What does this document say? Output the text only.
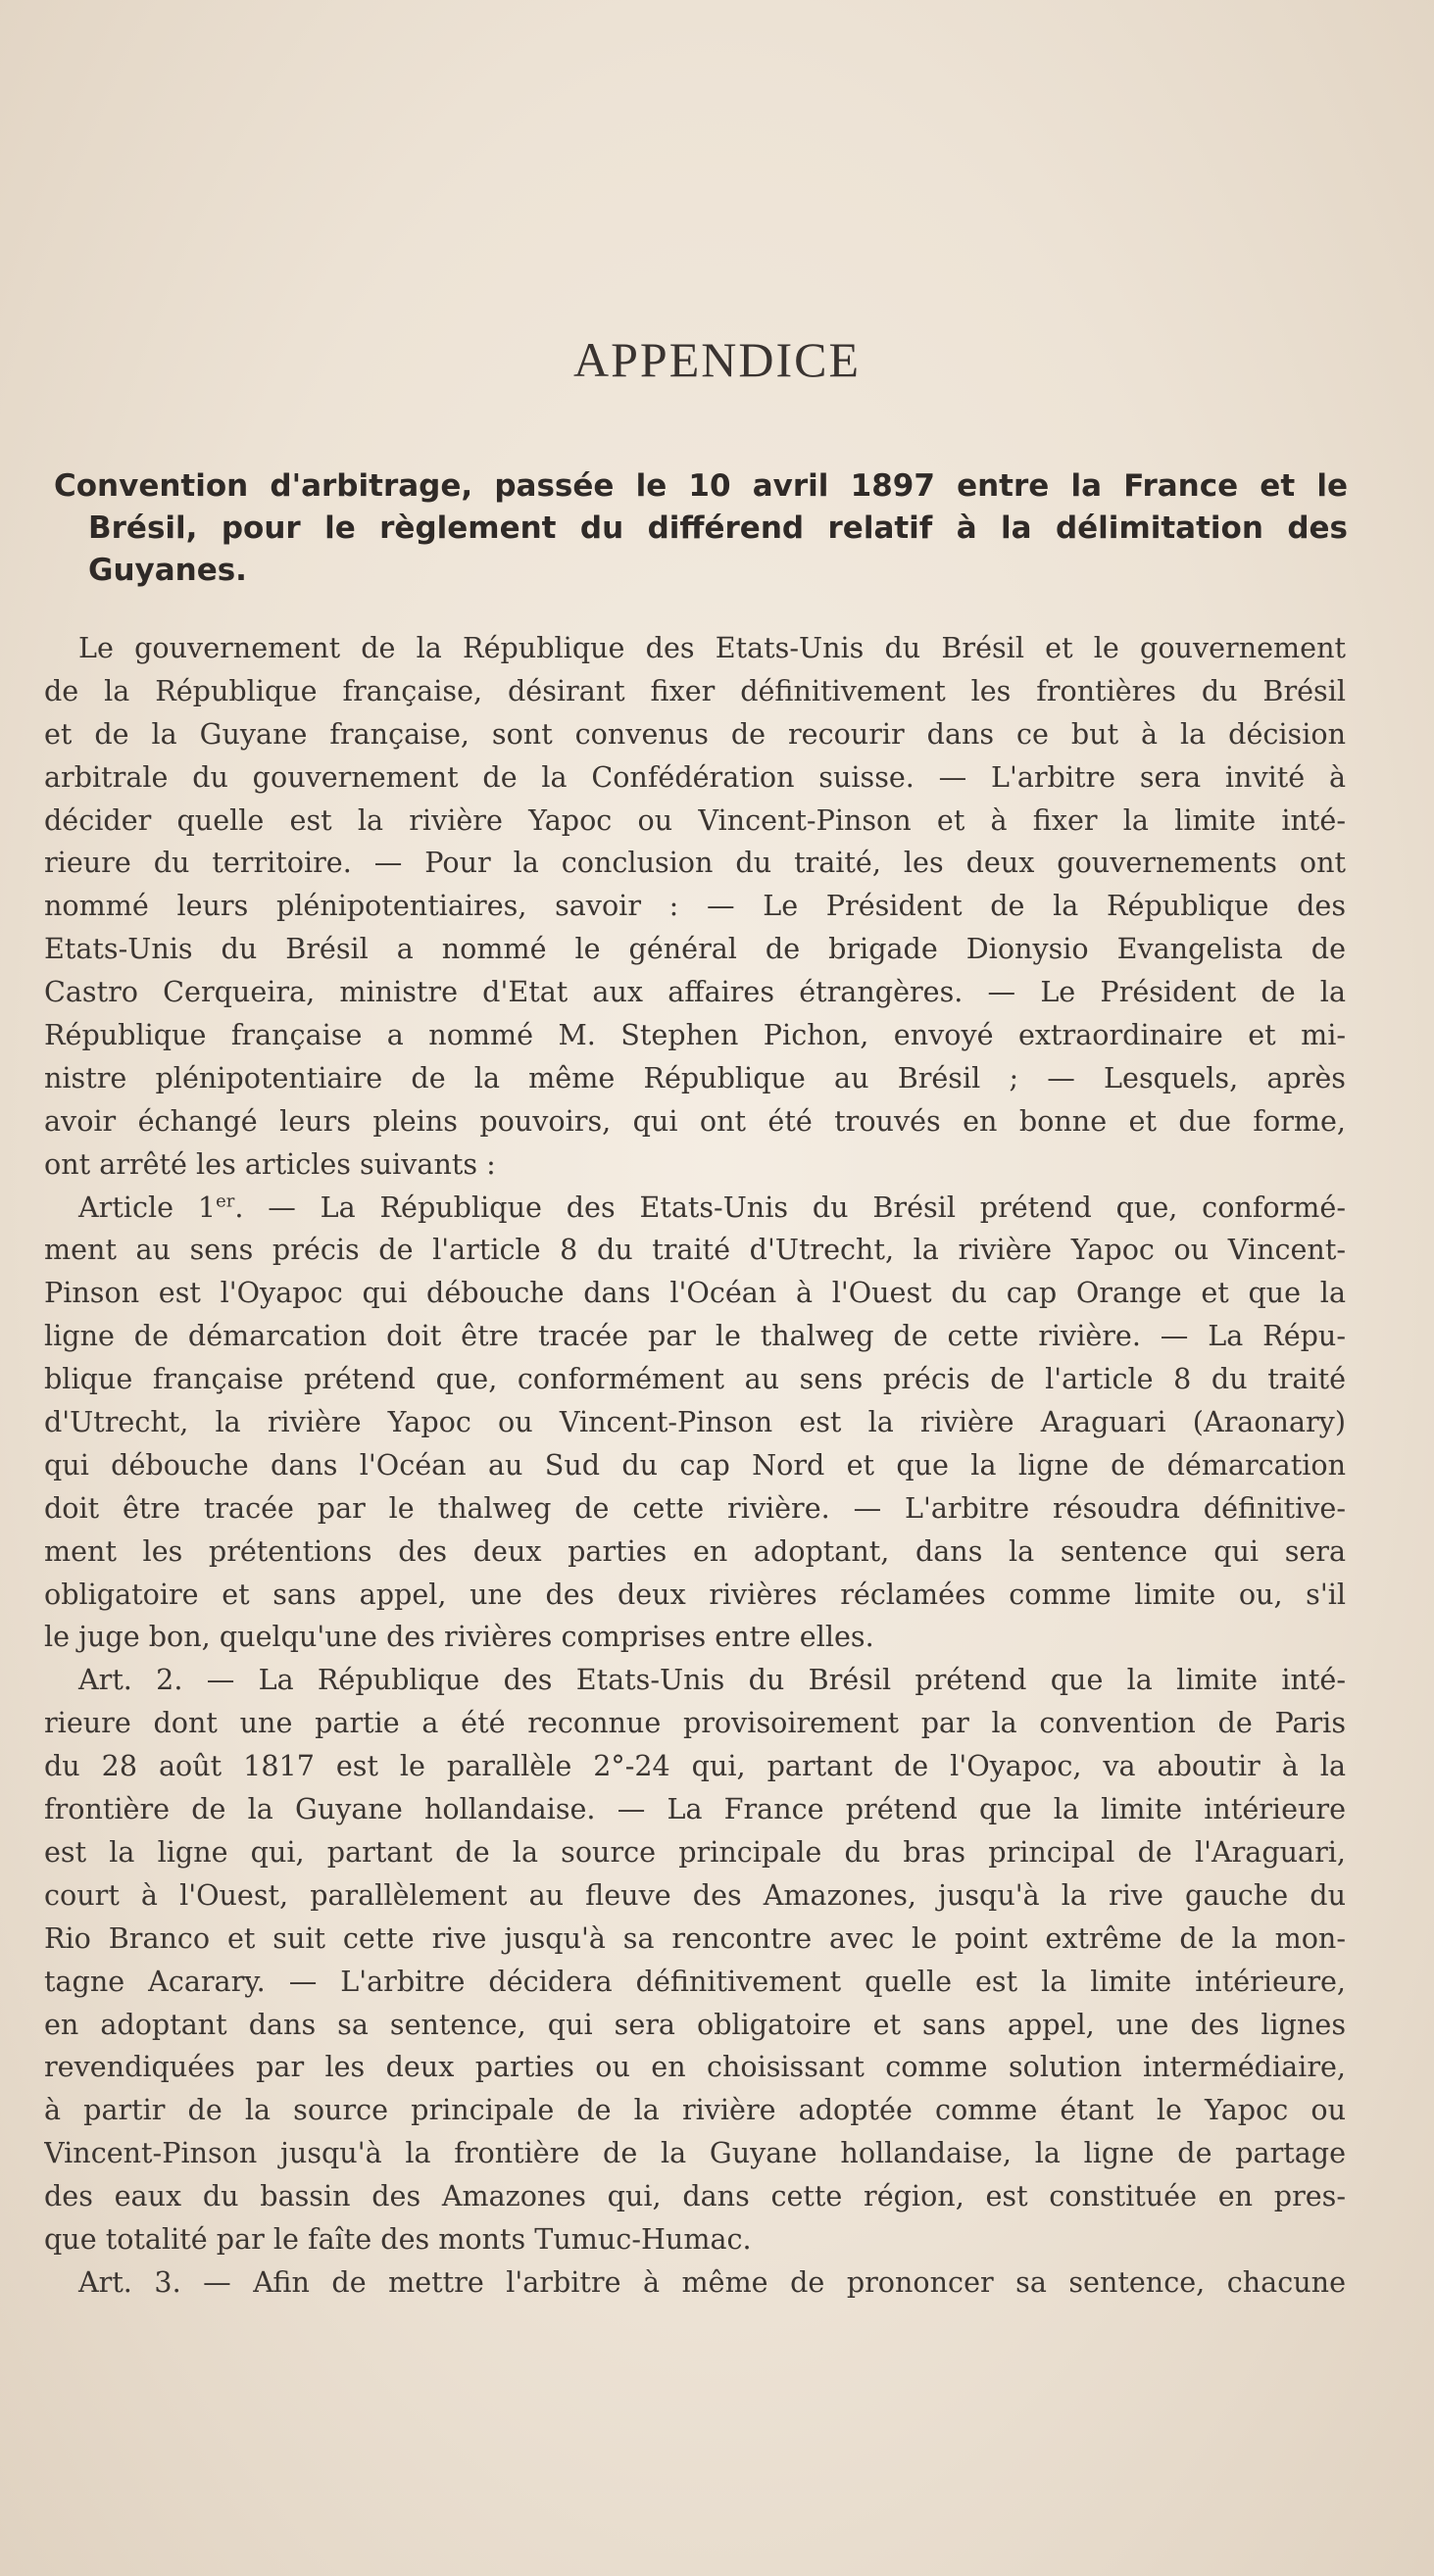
APPENDICE
Convention d'arbitrage, passée le 10 avril 1897 entre la France et le
Brésil, pour le règlement du différend relatif à la délimitation des
Guyanes.
Le gouvernement de la République des Etats-Unis du Brésil et le gouvernement
de la République française, désirant fixer définitivement les frontières du Brésil
et de la Guyane française, sont convenus de recourir dans ce but à la décision
arbitrale du gouvernement de la Confédération suisse. — L'arbitre sera invité à
décider quelle est la rivière Yapoc ou Vincent-Pinson et à fixer la limite inté-
rieure du territoire. — Pour la conclusion du traité, les deux gouvernements ont
nommé leurs plénipotentiaires, savoir : — Le Président de la République des
Etats-Unis du Brésil a nommé le général de brigade Dionysio Evangelista de
Castro Cerqueira, ministre d'Etat aux affaires étrangères. — Le Président de la
République française a nommé M. Stephen Pichon, envoyé extraordinaire et mi-
nistre plénipotentiaire de la même République au Brésil ; — Lesquels, après
avoir échangé leurs pleins pouvoirs, qui ont été trouvés en bonne et due forme,
ont arrêté les articles suivants :
Article 1er. — La République des Etats-Unis du Brésil prétend que, conformé-
ment au sens précis de l'article 8 du traité d'Utrecht, la rivière Yapoc ou Vincent-
Pinson est l'Oyapoc qui débouche dans l'Océan à l'Ouest du cap Orange et que la
ligne de démarcation doit être tracée par le thalweg de cette rivière. — La Répu-
blique française prétend que, conformément au sens précis de l'article 8 du traité
d'Utrecht, la rivière Yapoc ou Vincent-Pinson est la rivière Araguari (Araonary)
qui débouche dans l'Océan au Sud du cap Nord et que la ligne de démarcation
doit être tracée par le thalweg de cette rivière. — L'arbitre résoudra définitive-
ment les prétentions des deux parties en adoptant, dans la sentence qui sera
obligatoire et sans appel, une des deux rivières réclamées comme limite ou, s'il
le juge bon, quelqu'une des rivières comprises entre elles.
Art. 2. — La République des Etats-Unis du Brésil prétend que la limite inté-
rieure dont une partie a été reconnue provisoirement par la convention de Paris
du 28 août 1817 est le parallèle 2°-24 qui, partant de l'Oyapoc, va aboutir à la
frontière de la Guyane hollandaise. — La France prétend que la limite intérieure
est la ligne qui, partant de la source principale du bras principal de l'Araguari,
court à l'Ouest, parallèlement au fleuve des Amazones, jusqu'à la rive gauche du
Rio Branco et suit cette rive jusqu'à sa rencontre avec le point extrême de la mon-
tagne Acarary. — L'arbitre décidera définitivement quelle est la limite intérieure,
en adoptant dans sa sentence, qui sera obligatoire et sans appel, une des lignes
revendiquées par les deux parties ou en choisissant comme solution intermédiaire,
à partir de la source principale de la rivière adoptée comme étant le Yapoc ou
Vincent-Pinson jusqu'à la frontière de la Guyane hollandaise, la ligne de partage
des eaux du bassin des Amazones qui, dans cette région, est constituée en pres-
que totalité par le faîte des monts Tumuc-Humac.
Art. 3. — Afin de mettre l'arbitre à même de prononcer sa sentence, chacune
